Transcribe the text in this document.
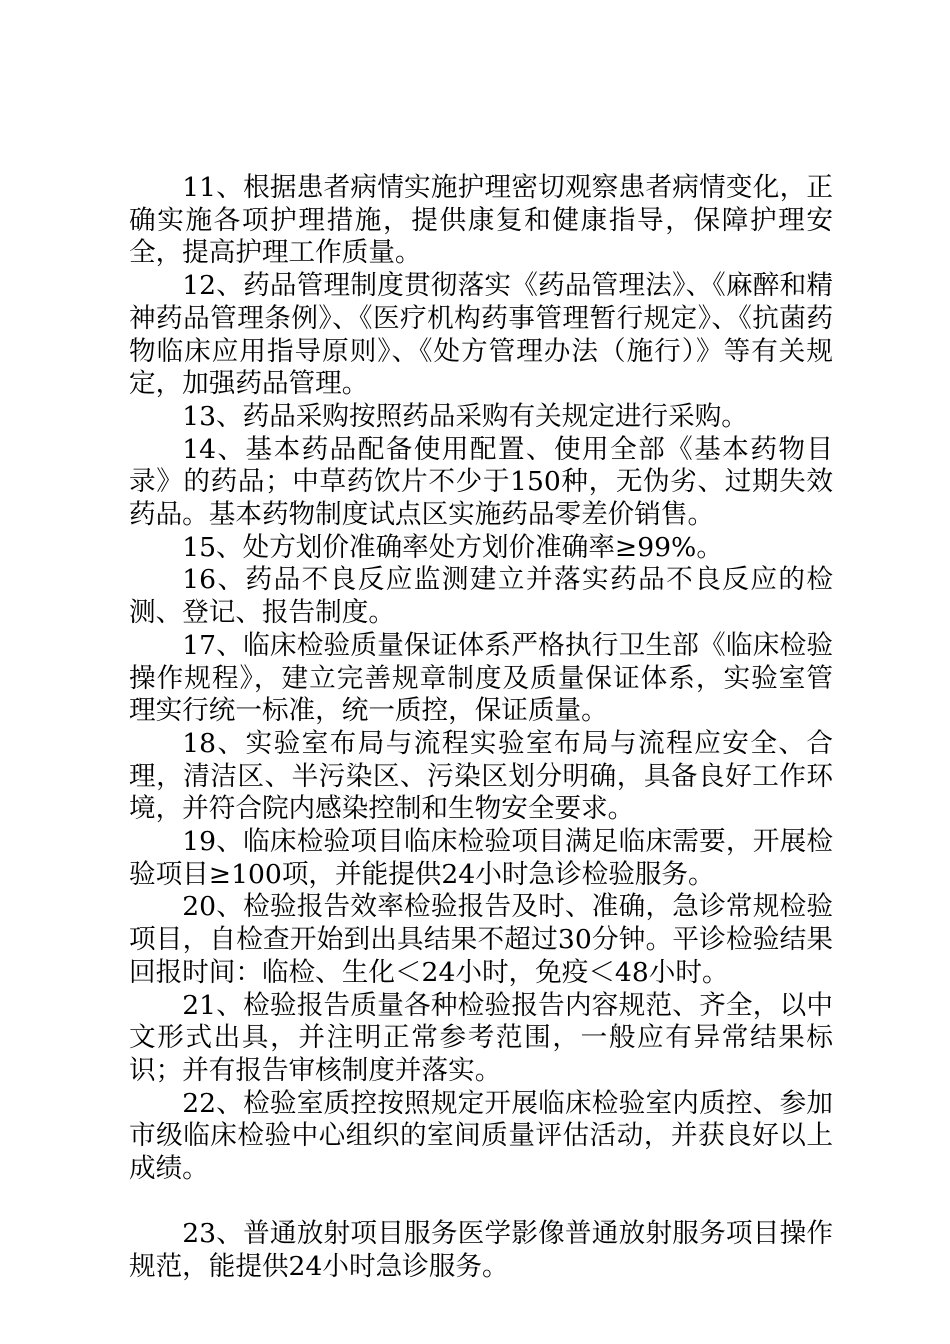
11、根据患者病情实施护理密切观察患者病情变化，正确实施各项护理措施，提供康复和健康指导，保障护理安全，提高护理工作质量。

12、药品管理制度贯彻落实《药品管理法》、《麻醉和精神药品管理条例》、《医疗机构药事管理暂行规定》、《抗菌药物临床应用指导原则》、《处方管理办法（施行）》等有关规定，加强药品管理。

13、药品采购按照药品采购有关规定进行采购。

14、基本药品配备使用配置、使用全部《基本药物目录》的药品；中草药饮片不少于150种，无伪劣、过期失效药品。基本药物制度试点区实施药品零差价销售。

15、处方划价准确率处方划价准确率≥99%。

16、药品不良反应监测建立并落实药品不良反应的检测、登记、报告制度。

17、临床检验质量保证体系严格执行卫生部《临床检验操作规程》，建立完善规章制度及质量保证体系，实验室管理实行统一标准，统一质控，保证质量。

18、实验室布局与流程实验室布局与流程应安全、合理，清洁区、半污染区、污染区划分明确，具备良好工作环境，并符合院内感染控制和生物安全要求。

19、临床检验项目临床检验项目满足临床需要，开展检验项目≥100项，并能提供24小时急诊检验服务。

20、检验报告效率检验报告及时、准确，急诊常规检验项目，自检查开始到出具结果不超过30分钟。平诊检验结果回报时间：临检、生化＜24小时，免疫＜48小时。

21、检验报告质量各种检验报告内容规范、齐全，以中文形式出具，并注明正常参考范围，一般应有异常结果标识；并有报告审核制度并落实。

22、检验室质控按照规定开展临床检验室内质控、参加市级临床检验中心组织的室间质量评估活动，并获良好以上成绩。

23、普通放射项目服务医学影像普通放射服务项目操作规范，能提供24小时急诊服务。
